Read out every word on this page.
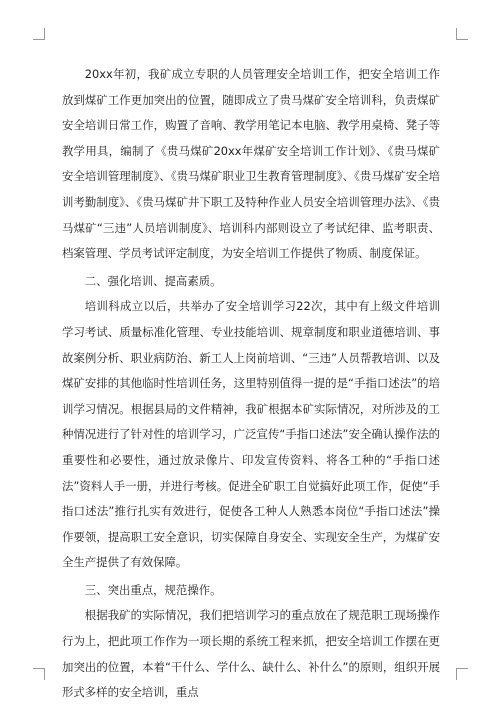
20xx年初，我矿成立专职的人员管理安全培训工作，把安全培训工作放到煤矿工作更加突出的位置，随即成立了贵马煤矿安全培训科，负责煤矿安全培训日常工作，购置了音响、教学用笔记本电脑、教学用桌椅、凳子等教学用具，编制了《贵马煤矿20xx年煤矿安全培训工作计划》、《贵马煤矿安全培训管理制度》、《贵马煤矿职业卫生教育管理制度》、《贵马煤矿安全培训考勤制度》、《贵马煤矿井下职工及特种作业人员安全培训管理办法》、《贵马煤矿“三违”人员培训制度》、培训科内部则设立了考试纪律、监考职责、档案管理、学员考试评定制度，为安全培训工作提供了物质、制度保证。

二、强化培训、提高素质。

培训科成立以后，共举办了安全培训学习22次，其中有上级文件培训学习考试、质量标准化管理、专业技能培训、规章制度和职业道德培训、事故案例分析、职业病防治、新工人上岗前培训、“三违”人员帮教培训、以及煤矿安排的其他临时性培训任务，这里特别值得一提的是“手指口述法”的培训学习情况。根据县局的文件精神，我矿根据本矿实际情况，对所涉及的工种情况进行了针对性的培训学习，广泛宣传“手指口述法”安全确认操作法的重要性和必要性，通过放录像片、印发宣传资料、将各工种的“手指口述法”资料人手一册，并进行考核。促进全矿职工自觉搞好此项工作，促使“手指口述法”推行扎实有效进行，促使各工种人人熟悉本岗位“手指口述法”操作要领，提高职工安全意识，切实保障自身安全、实现安全生产，为煤矿安全生产提供了有效保障。

三、突出重点，规范操作。

根据我矿的实际情况，我们把培训学习的重点放在了规范职工现场操作行为上，把此项工作作为一项长期的系统工程来抓，把安全培训工作摆在更加突出的位置，本着“干什么、学什么、缺什么、补什么”的原则，组织开展形式多样的安全培训，重点
